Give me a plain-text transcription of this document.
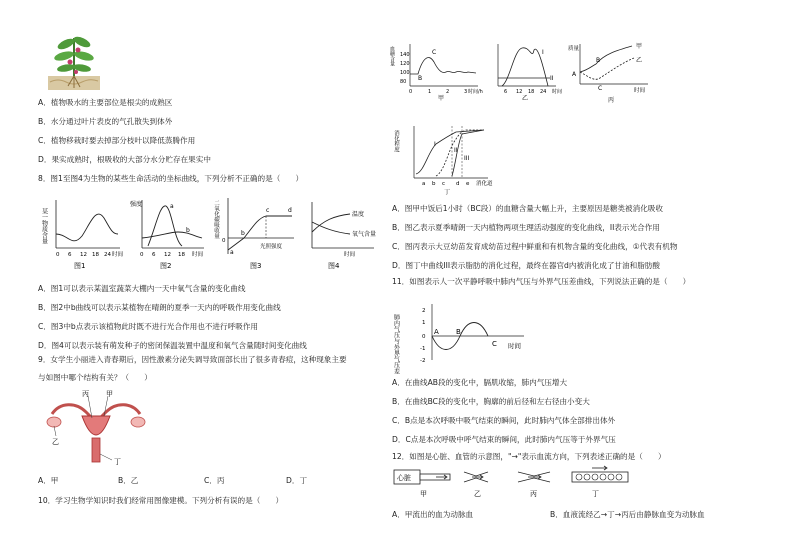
A．植物吸水的主要部位是根尖的成熟区
B．水分通过叶片表皮的气孔散失到体外
C．植物移栽时要去掉部分枝叶以降低蒸腾作用
D．果实成熟时，根吸收的大部分水分贮存在果实中
8．图1至图4为生物的某些生命活动的坐标曲线，下列分析不正确的是（　　）
某一物质含量
0 6 12 18 24 时间
图1
强度	a
b
0 6 12 18 时间
图2
二氧化碳吸收量	b
c	d
a
0
光照强度
图3
温度
氧气含量
时间
图4
A．图1可以表示某温室蔬菜大棚内一天中氧气含量的变化曲线
B．图2中b曲线可以表示某植物在晴朗的夏季一天内的呼吸作用变化曲线
C．图3中b点表示该植物此时既不进行光合作用也不进行呼吸作用
D．图4可以表示装有萌发种子的密闭保温装置中温度和氧气含量随时间变化曲线
9．女学生小丽进入青春期后，因性激素分泌失调导致面部长出了很多青春痘，这种现象主要
与如图中哪个结构有关？（　　）
丙 甲
乙
丁
A．甲	B．乙	C．丙	D．丁
10．学习生物学知识时我们经常用图像建模。下列分析有误的是（　　）
血糖含量 140
120
100
80
C
B
0	1	2	3 时间/h
甲
I
II
6 12 18 24 时间
乙
质量	甲
乙
A
B
C	时间
丙
消化程度	I
II
III
a b c d e 消化道
丁
A．图甲中饭后1小时（BC段）的血糖含量大幅上升，主要原因是糖类被消化吸收
B．图乙表示夏季晴朗一天内植物两项生理活动强度的变化曲线，II表示光合作用
C．图丙表示大豆幼苗发育成幼苗过程中鲜重和有机物含量的变化曲线，①代表有机物
D．图丁中曲线III表示脂肪的消化过程，最终在器官d内被消化成了甘油和脂肪酸
11．如图表示人一次平静呼吸中肺内气压与外界气压差曲线，下列说法正确的是（　　）
肺内气压与外界气压差
2
1
0
-1
-2
A B
C 时间
A．在曲线AB段的变化中，膈肌收缩，肺内气压增大
B．在曲线BC段的变化中，胸廓的前后径和左右径由小变大
C．B点是本次呼吸中吸气结束的瞬间，此时肺内气体全部排出体外
D．C点是本次呼吸中呼气结束的瞬间，此时肺内气压等于外界气压
12．如图是心脏、血管的示意图，"→"表示血流方向，下列表述正确的是（　　）
心脏
甲	乙	丙	丁
A．甲流出的血为动脉血	B．血液流经乙→丁→丙后由静脉血变为动脉血
